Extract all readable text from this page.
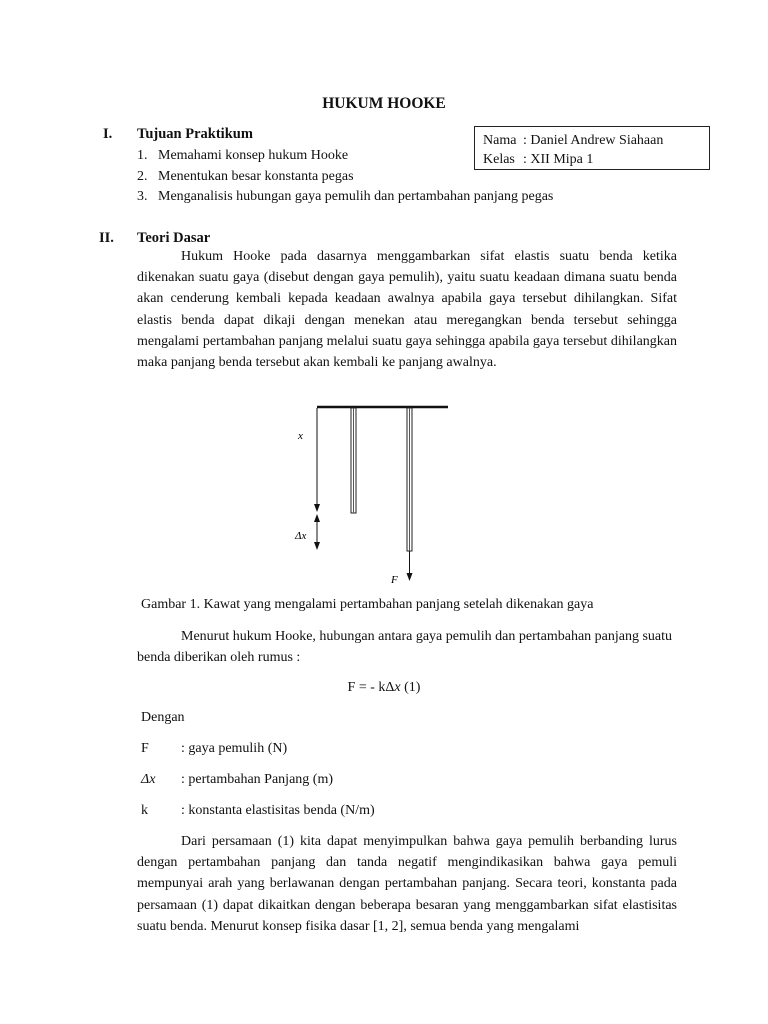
HUKUM HOOKE
Nama : Daniel Andrew Siahaan
Kelas : XII Mipa 1
I. Tujuan Praktikum
1. Memahami konsep hukum Hooke
2. Menentukan besar konstanta pegas
3. Menganalisis hubungan gaya pemulih dan pertambahan panjang pegas
II. Teori Dasar
Hukum Hooke pada dasarnya menggambarkan sifat elastis suatu benda ketika dikenakan suatu gaya (disebut dengan gaya pemulih), yaitu suatu keadaan dimana suatu benda akan cenderung kembali kepada keadaan awalnya apabila gaya tersebut dihilangkan. Sifat elastis benda dapat dikaji dengan menekan atau meregangkan benda tersebut sehingga mengalami pertambahan panjang melalui suatu gaya sehingga apabila gaya tersebut dihilangkan maka panjang benda tersebut akan kembali ke panjang awalnya.
x
Δx
F
Gambar 1. Kawat yang mengalami pertambahan panjang setelah dikenakan gaya
Menurut hukum Hooke, hubungan antara gaya pemulih dan pertambahan panjang suatu benda diberikan oleh rumus :
F = - kΔx (1)
Dengan
F : gaya pemulih (N)
Δx : pertambahan Panjang (m)
k : konstanta elastisitas benda (N/m)
Dari persamaan (1) kita dapat menyimpulkan bahwa gaya pemulih berbanding lurus dengan pertambahan panjang dan tanda negatif mengindikasikan bahwa gaya pemuli mempunyai arah yang berlawanan dengan pertambahan panjang. Secara teori, konstanta pada persamaan (1) dapat dikaitkan dengan beberapa besaran yang menggambarkan sifat elastisitas suatu benda. Menurut konsep fisika dasar [1, 2], semua benda yang mengalami
